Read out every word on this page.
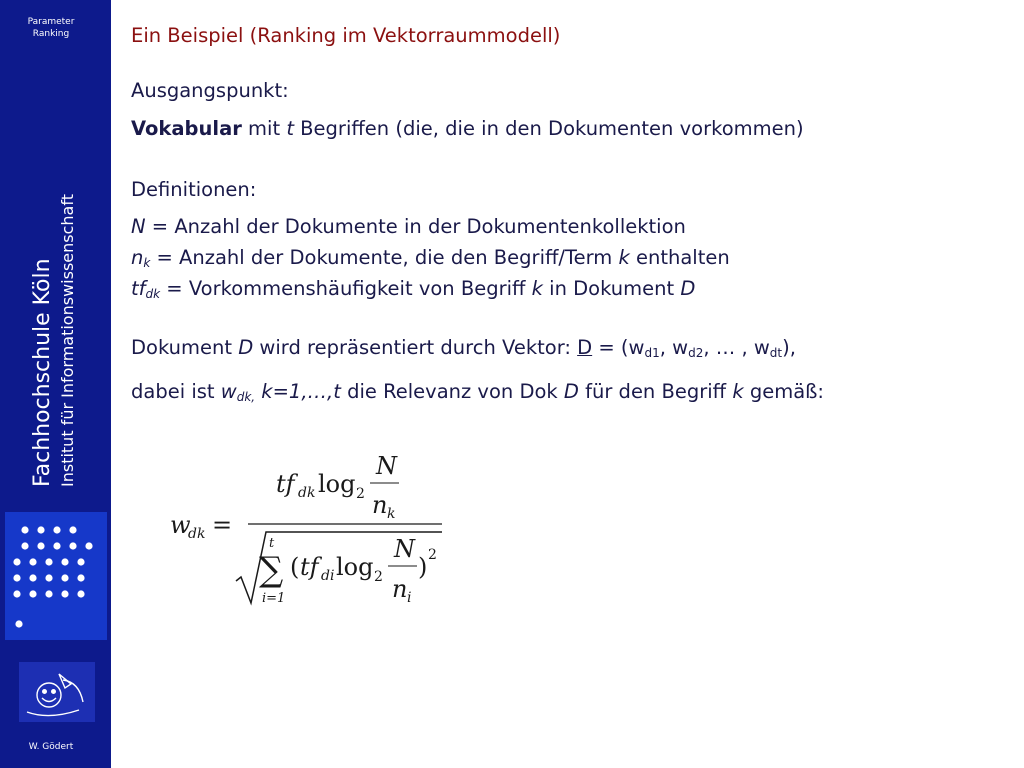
Parameter
Ranking
Fachhochschule Köln Institut für Informationswissenschaft
W. Gödert
Ein Beispiel (Ranking im Vektorraummodell)
Ausgangspunkt:
Vokabular mit t Begriffen (die, die in den Dokumenten vorkommen)
Definitionen:
N = Anzahl der Dokumente in der Dokumentenkollektion
$n_k$ = Anzahl der Dokumente, die den Begriff/Term k enthalten
$tf_{dk}$ = Vorkommenshäufigkeit von Begriff k in Dokument D
Dokument D wird repräsentiert durch Vektor: $D = (w_{d1}$, $w_{d2}$, … , $w_{dt}$),
dabei ist $w_{dk,}$ k=1,…,t die Relevanz von Dok D für den Begriff k gemäß:
w
dk =
tf dk log 2
N
n k
t
∑
i=1
( tf di log 2
N
n i
) 2
